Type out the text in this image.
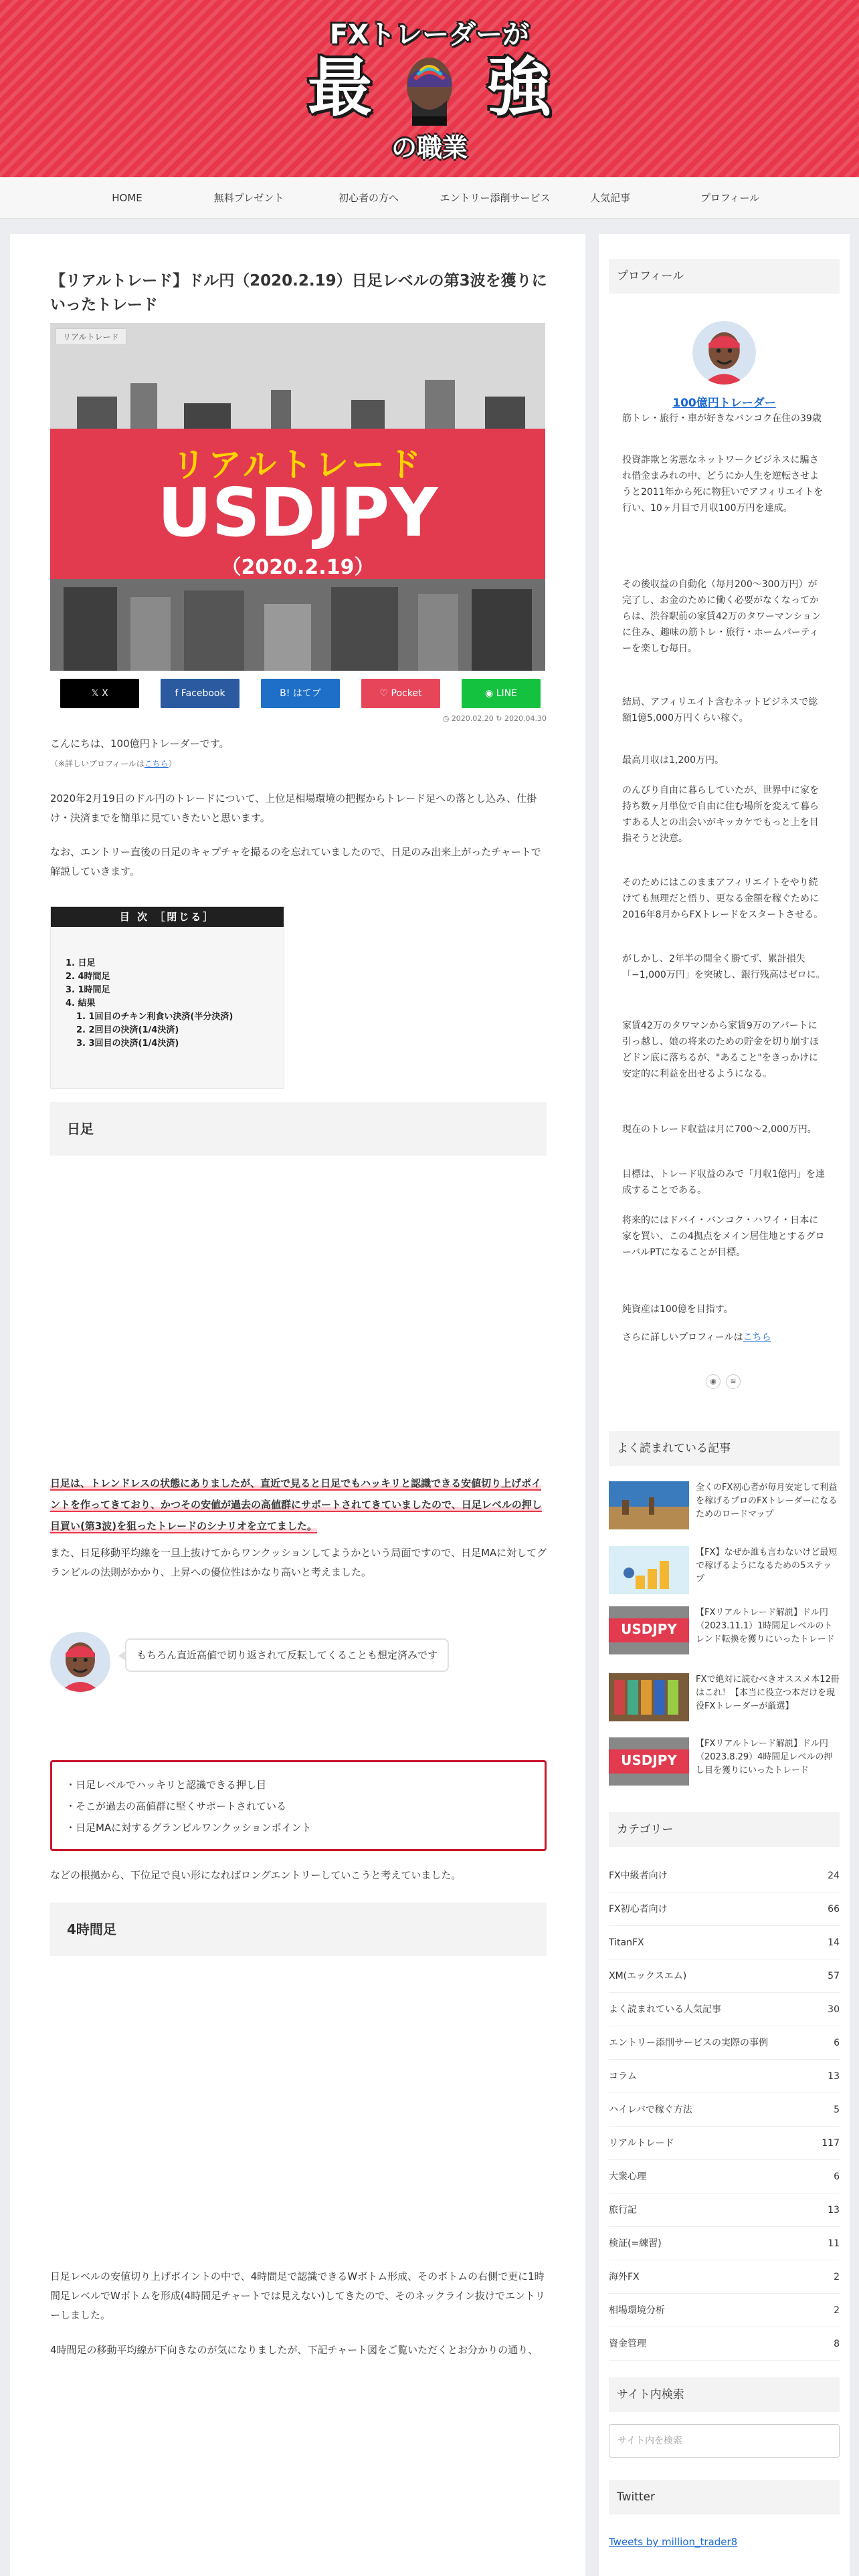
FXトレーダーが
最 強
の職業
HOME	無料プレゼント	初心者の方へ	エントリー添削サービス	人気記事	プロフィール
【リアルトレード】ドル円（2020.2.19）日足レベルの第3波を獲りにいったトレード
リアルトレード
リアルトレード
USDJPY
（2020.2.19）
𝕏 X	f Facebook	B! はてブ	♡ Pocket	◉ LINE
◷ 2020.02.20 ↻ 2020.04.30

こんにちは、100億円トレーダーです。

（※詳しいプロフィールはこちら）

2020年2月19日のドル円のトレードについて、上位足相場環境の把握からトレード足への落とし込み、仕掛け・決済までを簡単に見ていきたいと思います。

なお、エントリー直後の日足のキャプチャを撮るのを忘れていましたので、日足のみ出来上がったチャートで解説していきます。

目 次 ［閉じる］
1. 日足
2. 4時間足
3. 1時間足
4. 結果
1. 1回目のチキン利食い決済(半分決済)
2. 2回目の決済(1/4決済)
3. 3回目の決済(1/4決済)
日足

日足は、トレンドレスの状態にありましたが、直近で見ると日足でもハッキリと認識できる安値切り上げポイントを作ってきており、かつその安値が過去の高値群にサポートされてきていましたので、日足レベルの押し目買い(第3波)を狙ったトレードのシナリオを立てました。

また、日足移動平均線を一旦上抜けてからワンクッションしてようかという局面ですので、日足MAに対してグランビルの法則がかかり、上昇への優位性はかなり高いと考えました。

もちろん直近高値で切り返されて反転してくることも想定済みです
・日足レベルでハッキリと認識できる押し目
・そこが過去の高値群に堅くサポートされている
・日足MAに対するグランビルワンクッションポイント

などの根拠から、下位足で良い形になればロングエントリーしていこうと考えていました。

4時間足

日足レベルの安値切り上げポイントの中で、4時間足で認識できるWボトム形成、そのボトムの右側で更に1時間足レベルでWボトムを形成(4時間足チャートでは見えない)してきたので、そのネックライン抜けでエントリーしました。

4時間足の移動平均線が下向きなのが気になりましたが、下記チャート図をご覧いただくとお分かりの通り、

プロフィール
100億円トレーダー

筋トレ・旅行・車が好きなバンコク在住の39歳

投資詐欺と劣悪なネットワークビジネスに騙され借金まみれの中、どうにか人生を逆転させようと2011年から死に物狂いでアフィリエイトを行い、10ヶ月目で月収100万円を達成。

その後収益の自動化（毎月200〜300万円）が完了し、お金のために働く必要がなくなってからは、渋谷駅前の家賃42万のタワーマンションに住み、趣味の筋トレ・旅行・ホームパーティーを楽しむ毎日。

結局、アフィリエイト含むネットビジネスで総額1億5,000万円くらい稼ぐ。

最高月収は1,200万円。

のんびり自由に暮らしていたが、世界中に家を持ち数ヶ月単位で自由に住む場所を変えて暮らすある人との出会いがキッカケでもっと上を目指そうと決意。

そのためにはこのままアフィリエイトをやり続けても無理だと悟り、更なる金額を稼ぐために2016年8月からFXトレードをスタートさせる。

がしかし、2年半の間全く勝てず、累計損失「−1,000万円」を突破し、銀行残高はゼロに。

家賃42万のタワマンから家賃9万のアパートに引っ越し、娘の将来のための貯金を切り崩すほどドン底に落ちるが、"あること"をきっかけに安定的に利益を出せるようになる。

現在のトレード収益は月に700〜2,000万円。

目標は、トレード収益のみで「月収1億円」を達成することである。

将来的にはドバイ・バンコク・ハワイ・日本に家を買い、この4拠点をメイン居住地とするグローバルPTになることが目標。

純資産は100億を目指す。

さらに詳しいプロフィールはこちら

◉	≋
よく読まれている記事
全くのFX初心者が毎月安定して利益を稼げるプロのFXトレーダーになるためのロードマップ
【FX】なぜか誰も言わないけど最短で稼げるようになるための5ステップ
USDJPY
【FXリアルトレード解説】ドル円（2023.11.1）1時間足レベルのトレンド転換を獲りにいったトレード
FXで絶対に読むべきオススメ本12冊はこれ！【本当に役立つ本だけを現役FXトレーダーが厳選】
USDJPY
【FXリアルトレード解説】ドル円（2023.8.29）4時間足レベルの押し目を獲りにいったトレード
カテゴリー
FX中級者向け	24
FX初心者向け	66
TitanFX	14
XM(エックスエム)	57
よく読まれている人気記事	30
エントリー添削サービスの実際の事例	6
コラム	13
ハイレバで稼ぐ方法	5
リアルトレード	117
大衆心理	6
旅行記	13
検証(=練習)	11
海外FX	2
相場環境分析	2
資金管理	8
サイト内検索
サイト内を検索
Twitter
Tweets by million_trader8
